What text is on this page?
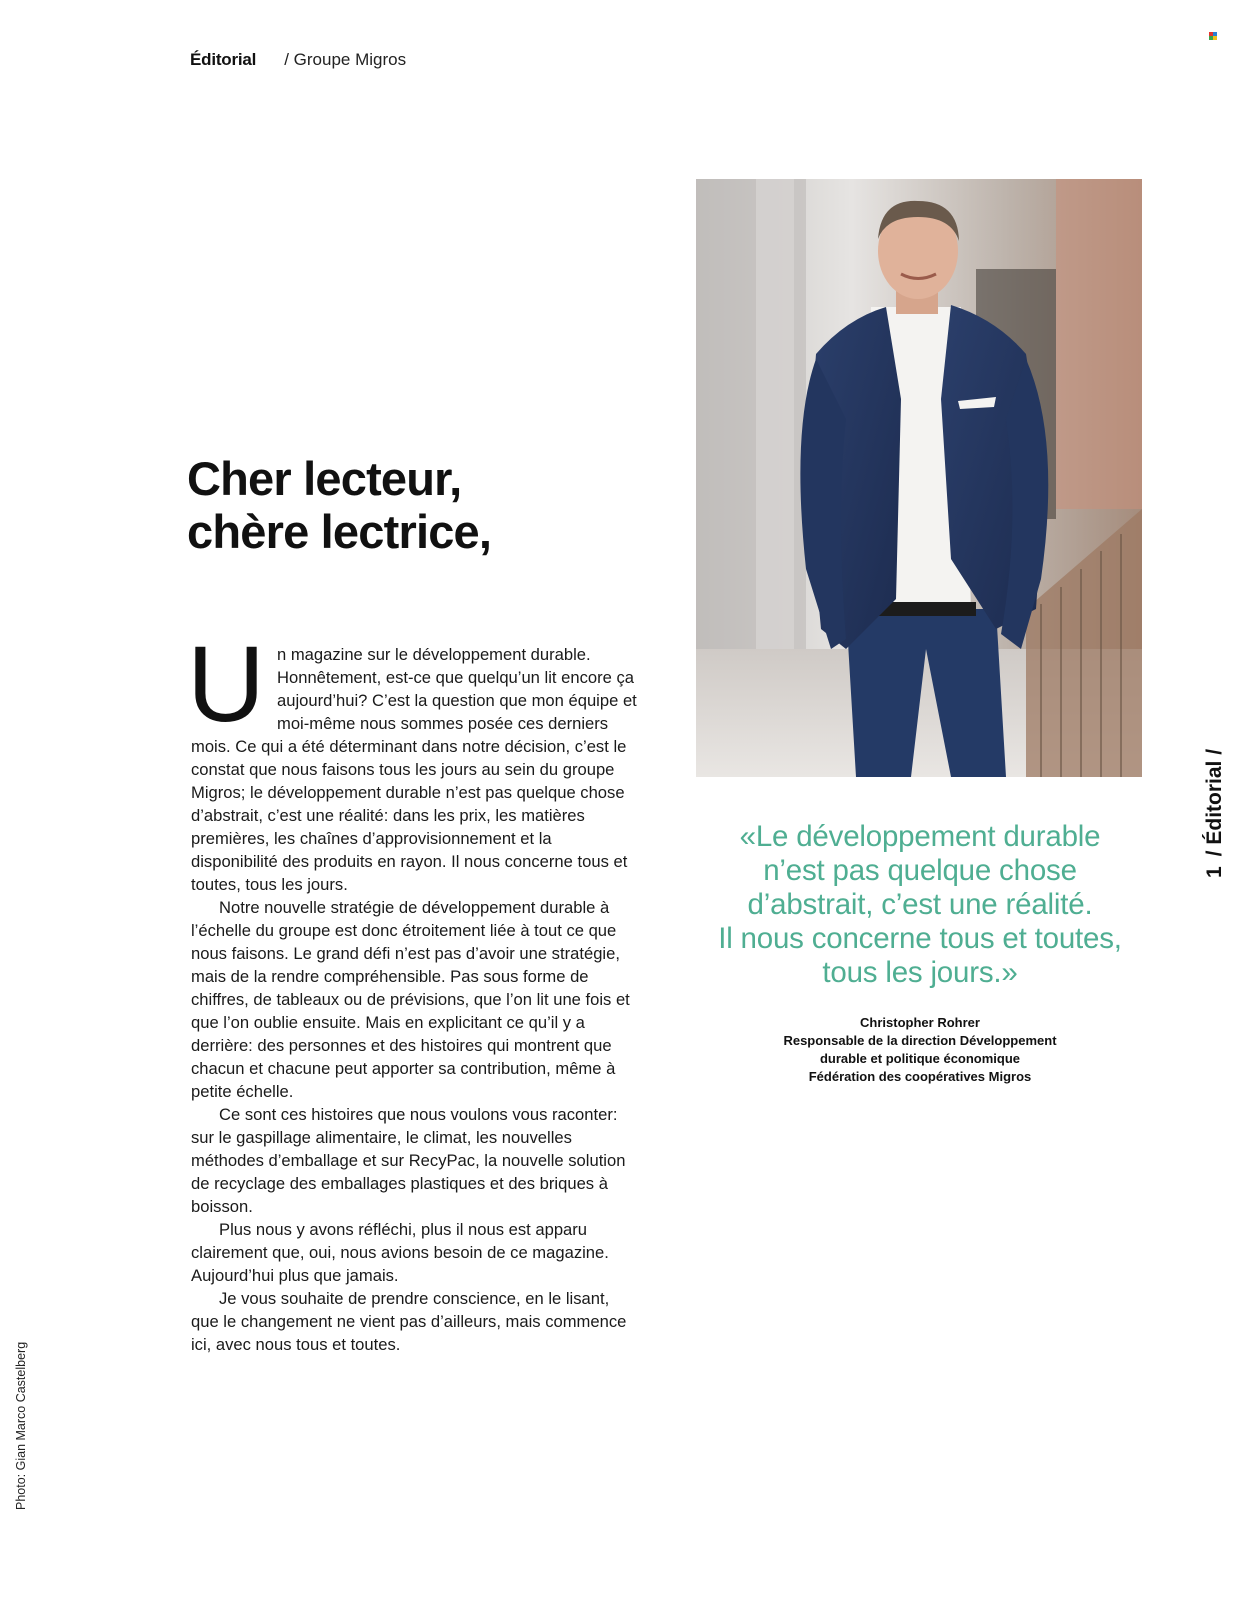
Éditorial / Groupe Migros
Cher lecteur,
chère lectrice,

Un magazine sur le développement durable. Honnêtement, est-ce que quelqu’un lit encore ça aujourd’hui? C’est la question que mon équipe et moi-même nous sommes posée ces derniers mois. Ce qui a été déterminant dans notre décision, c’est le constat que nous faisons tous les jours au sein du groupe Migros; le développement durable n’est pas quelque chose d’abstrait, c’est une réalité: dans les prix, les matières premières, les chaînes d’approvisionnement et la disponibilité des produits en rayon. Il nous concerne tous et toutes, tous les jours.

Notre nouvelle stratégie de développement durable à l’échelle du groupe est donc étroitement liée à tout ce que nous faisons. Le grand défi n’est pas d’avoir une stratégie, mais de la rendre compréhensible. Pas sous forme de chiffres, de tableaux ou de prévisions, que l’on lit une fois et que l’on oublie ensuite. Mais en explicitant ce qu’il y a derrière: des personnes et des histoires qui montrent que chacun et chacune peut apporter sa contribution, même à petite échelle.

Ce sont ces histoires que nous voulons vous raconter: sur le gaspillage alimentaire, le climat, les nouvelles méthodes d’emballage et sur RecyPac, la nouvelle solution de recyclage des emballages plastiques et des briques à boisson.

Plus nous y avons réfléchi, plus il nous est apparu clairement que, oui, nous avions besoin de ce magazine. Aujourd’hui plus que jamais.

Je vous souhaite de prendre conscience, en le lisant, que le changement ne vient pas d’ailleurs, mais commence ici, avec nous tous et toutes.

«Le développement durable
n’est pas quelque chose
d’abstrait, c’est une réalité.
Il nous concerne tous et toutes,
tous les jours.»
Christopher Rohrer
Responsable de la direction Développement
durable et politique économique
Fédération des coopératives Migros
1/ Éditorial /
Photo: Gian Marco Castelberg
